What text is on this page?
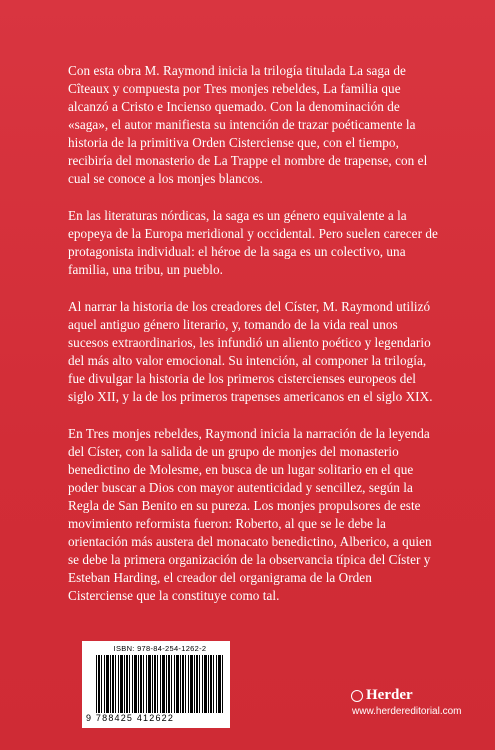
Con esta obra M. Raymond inicia la trilogía titulada La saga de Cîteaux y compuesta por Tres monjes rebeldes, La familia que alcanzó a Cristo e Incienso quemado. Con la denominación de «saga», el autor manifiesta su intención de trazar poéticamente la historia de la primitiva Orden Cisterciense que, con el tiempo, recibiría del monasterio de La Trappe el nombre de trapense, con el cual se conoce a los monjes blancos.

En las literaturas nórdicas, la saga es un género equivalente a la epopeya de la Europa meridional y occidental. Pero suelen carecer de protagonista individual: el héroe de la saga es un colectivo, una familia, una tribu, un pueblo.

Al narrar la historia de los creadores del Císter, M. Raymond utilizó aquel antiguo género literario, y, tomando de la vida real unos sucesos extraordinarios, les infundió un aliento poético y legendario del más alto valor emocional. Su intención, al componer la trilogía, fue divulgar la historia de los primeros cistercienses europeos del siglo XII, y la de los primeros trapenses americanos en el siglo XIX.

En Tres monjes rebeldes, Raymond inicia la narración de la leyenda del Císter, con la salida de un grupo de monjes del monasterio benedictino de Molesme, en busca de un lugar solitario en el que poder buscar a Dios con mayor autenticidad y sencillez, según la Regla de San Benito en su pureza. Los monjes propulsores de este movimiento reformista fueron: Roberto, al que se le debe la orientación más austera del monacato benedictino, Alberico, a quien se debe la primera organización de la observancia típica del Císter y Esteban Harding, el creador del organigrama de la Orden Cisterciense que la constituye como tal.

ISBN: 978-84-254-1262-2
9 788425 412622
Herder
www.herdereditorial.com
